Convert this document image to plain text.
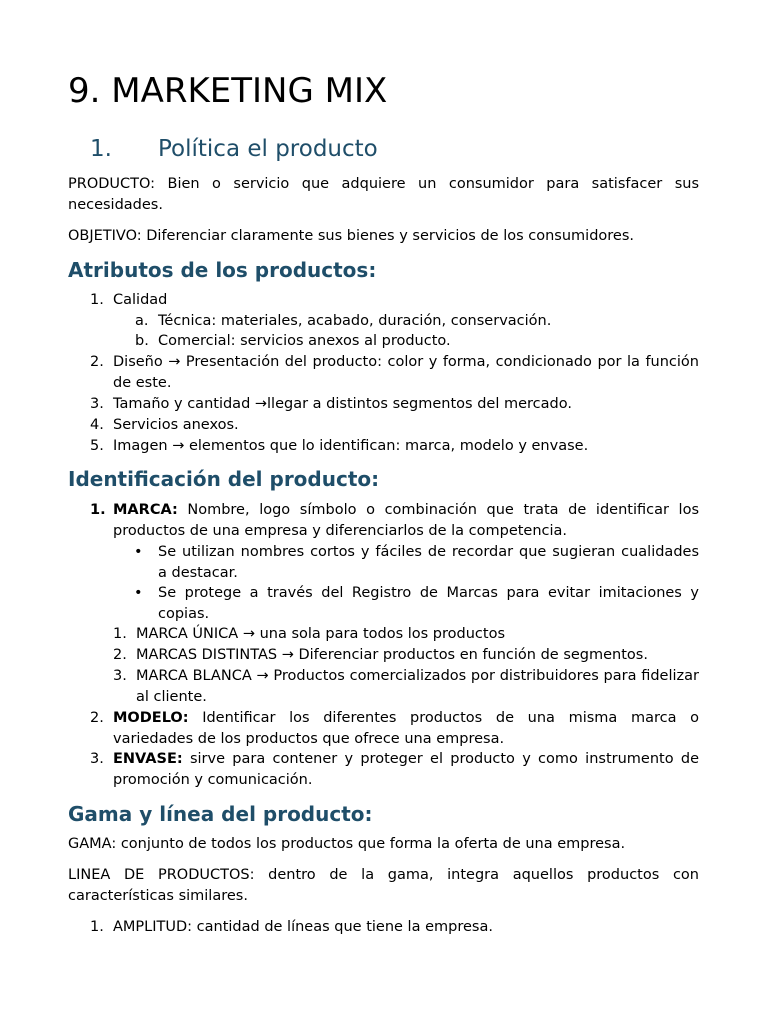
9. MARKETING MIX
1. Política el producto

PRODUCTO: Bien o servicio que adquiere un consumidor para satisfacer sus necesidades.

OBJETIVO: Diferenciar claramente sus bienes y servicios de los consumidores.

Atributos de los productos:
1. Calidad

a. Técnica: materiales, acabado, duración, conservación.

b. Comercial: servicios anexos al producto.

2. Diseño → Presentación del producto: color y forma, condicionado por la función de este.

3. Tamaño y cantidad →llegar a distintos segmentos del mercado.

4. Servicios anexos.

5. Imagen → elementos que lo identifican: marca, modelo y envase.

Identificación del producto:
1. MARCA: Nombre, logo símbolo o combinación que trata de identificar los productos de una empresa y diferenciarlos de la competencia.

• Se utilizan nombres cortos y fáciles de recordar que sugieran cualidades a destacar.

• Se protege a través del Registro de Marcas para evitar imitaciones y copias.

1. MARCA ÚNICA → una sola para todos los productos

2. MARCAS DISTINTAS → Diferenciar productos en función de segmentos.

3. MARCA BLANCA → Productos comercializados por distribuidores para fidelizar al cliente.

2. MODELO: Identificar los diferentes productos de una misma marca o variedades de los productos que ofrece una empresa.

3. ENVASE: sirve para contener y proteger el producto y como instrumento de promoción y comunicación.

Gama y línea del producto:

GAMA: conjunto de todos los productos que forma la oferta de una empresa.

LINEA DE PRODUCTOS: dentro de la gama, integra aquellos productos con características similares.

1. AMPLITUD: cantidad de líneas que tiene la empresa.
